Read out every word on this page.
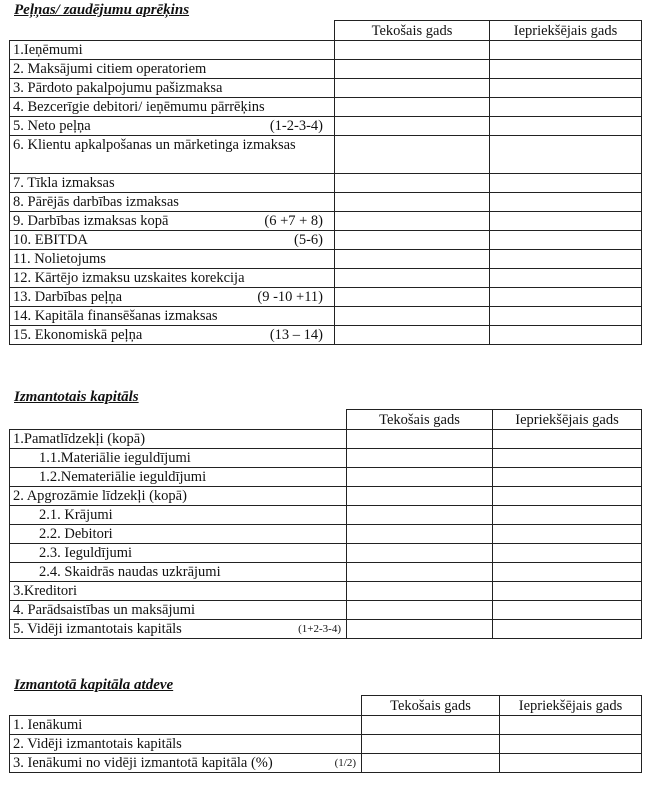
Peļņas/ zaudējumu aprēķins
	Tekošais gads	Iepriekšējais gads

1.Ieņēmumi		

2. Maksājumi citiem operatoriem		

3. Pārdoto pakalpojumu pašizmaksa		

4. Bezcerīgie debitori/ ieņēmumu pārrēķins		

5. Neto peļņa (1-2-3-4)		

6. Klientu apkalpošanas un mārketinga izmaksas		

7. Tīkla izmaksas		

8. Pārējās darbības izmaksas		

9. Darbības izmaksas kopā (6 +7 + 8)		

10. EBITDA (5-6)		

11. Nolietojums		

12. Kārtējo izmaksu uzskaites korekcija		

13. Darbības peļņa (9 -10 +11)		

14. Kapitāla finansēšanas izmaksas		

15. Ekonomiskā peļņa (13 – 14)		

Izmantotais kapitāls
	Tekošais gads	Iepriekšējais gads

1.Pamatlīdzekļi (kopā)		

1.1.Materiālie ieguldījumi		

1.2.Nemateriālie ieguldījumi		

2. Apgrozāmie līdzekļi (kopā)		

2.1. Krājumi		

2.2. Debitori		

2.3. Ieguldījumi		

2.4. Skaidrās naudas uzkrājumi		

3.Kreditori		

4. Parādsaistības un maksājumi		

5. Vidēji izmantotais kapitāls (1+2-3-4)		

Izmantotā kapitāla atdeve
	Tekošais gads	Iepriekšējais gads

1. Ienākumi		

2. Vidēji izmantotais kapitāls		

3. Ienākumi no vidēji izmantotā kapitāla (%) (1/2)		
